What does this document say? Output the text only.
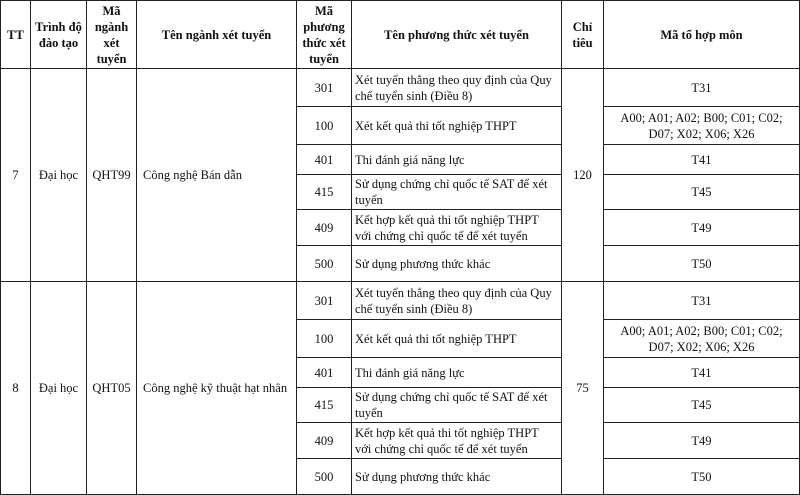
TT	Trình độ đào tạo	Mã ngành xét tuyển	Tên ngành xét tuyển	Mã phương thức xét tuyển	Tên phương thức xét tuyển	Chỉ tiêu	Mã tổ hợp môn
7	Đại học	QHT99	Công nghệ Bán dẫn	301	Xét tuyển thẳng theo quy định của Quy chế tuyển sinh (Điều 8)	120	T31
				100	Xét kết quả thi tốt nghiệp THPT		A00; A01; A02; B00; C01; C02; D07; X02; X06; X26
				401	Thi đánh giá năng lực		T41
				415	Sử dụng chứng chỉ quốc tế SAT để xét tuyển		T45
				409	Kết hợp kết quả thi tốt nghiệp THPT với chứng chỉ quốc tế để xét tuyển		T49
				500	Sử dụng phương thức khác		T50
8	Đại học	QHT05	Công nghệ kỹ thuật hạt nhân	301	Xét tuyển thẳng theo quy định của Quy chế tuyển sinh (Điều 8)	75	T31
				100	Xét kết quả thi tốt nghiệp THPT		A00; A01; A02; B00; C01; C02; D07; X02; X06; X26
				401	Thi đánh giá năng lực		T41
				415	Sử dụng chứng chỉ quốc tế SAT để xét tuyển		T45
				409	Kết hợp kết quả thi tốt nghiệp THPT với chứng chỉ quốc tế để xét tuyển		T49
				500	Sử dụng phương thức khác		T50
